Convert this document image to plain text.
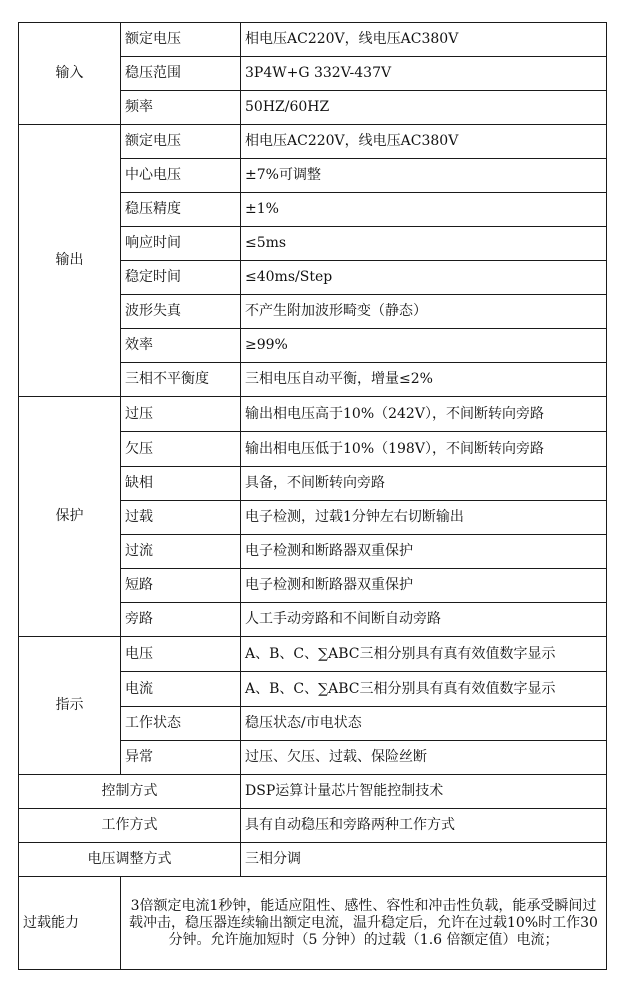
输入	额定电压	相电压AC220V，线电压AC380V
	稳压范围	3P4W+G 332V-437V
	频率	50HZ/60HZ
输出	额定电压	相电压AC220V，线电压AC380V
	中心电压	±7%可调整
	稳压精度	±1%
	响应时间	≤5ms
	稳定时间	≤40ms/Step
	波形失真	不产生附加波形畸变（静态）
	效率	≥99%
	三相不平衡度	三相电压自动平衡，增量≤2%
保护	过压	输出相电压高于10%（242V），不间断转向旁路
	欠压	输出相电压低于10%（198V），不间断转向旁路
	缺相	具备，不间断转向旁路
	过载	电子检测，过载1分钟左右切断输出
	过流	电子检测和断路器双重保护
	短路	电子检测和断路器双重保护
	旁路	人工手动旁路和不间断自动旁路
指示	电压	A、B、C、∑ABC三相分别具有真有效值数字显示
	电流	A、B、C、∑ABC三相分别具有真有效值数字显示
	工作状态	稳压状态/市电状态
	异常	过压、欠压、过载、保险丝断
控制方式		DSP运算计量芯片智能控制技术
工作方式		具有自动稳压和旁路两种工作方式
电压调整方式		三相分调
过载能力	3倍额定电流1秒钟，能适应阻性、感性、容性和冲击性负载，能承受瞬间过载冲击，稳压器连续输出额定电流，温升稳定后，允许在过载10%时工作30 分钟。允许施加短时（5 分钟）的过载（1.6 倍额定值）电流；	
